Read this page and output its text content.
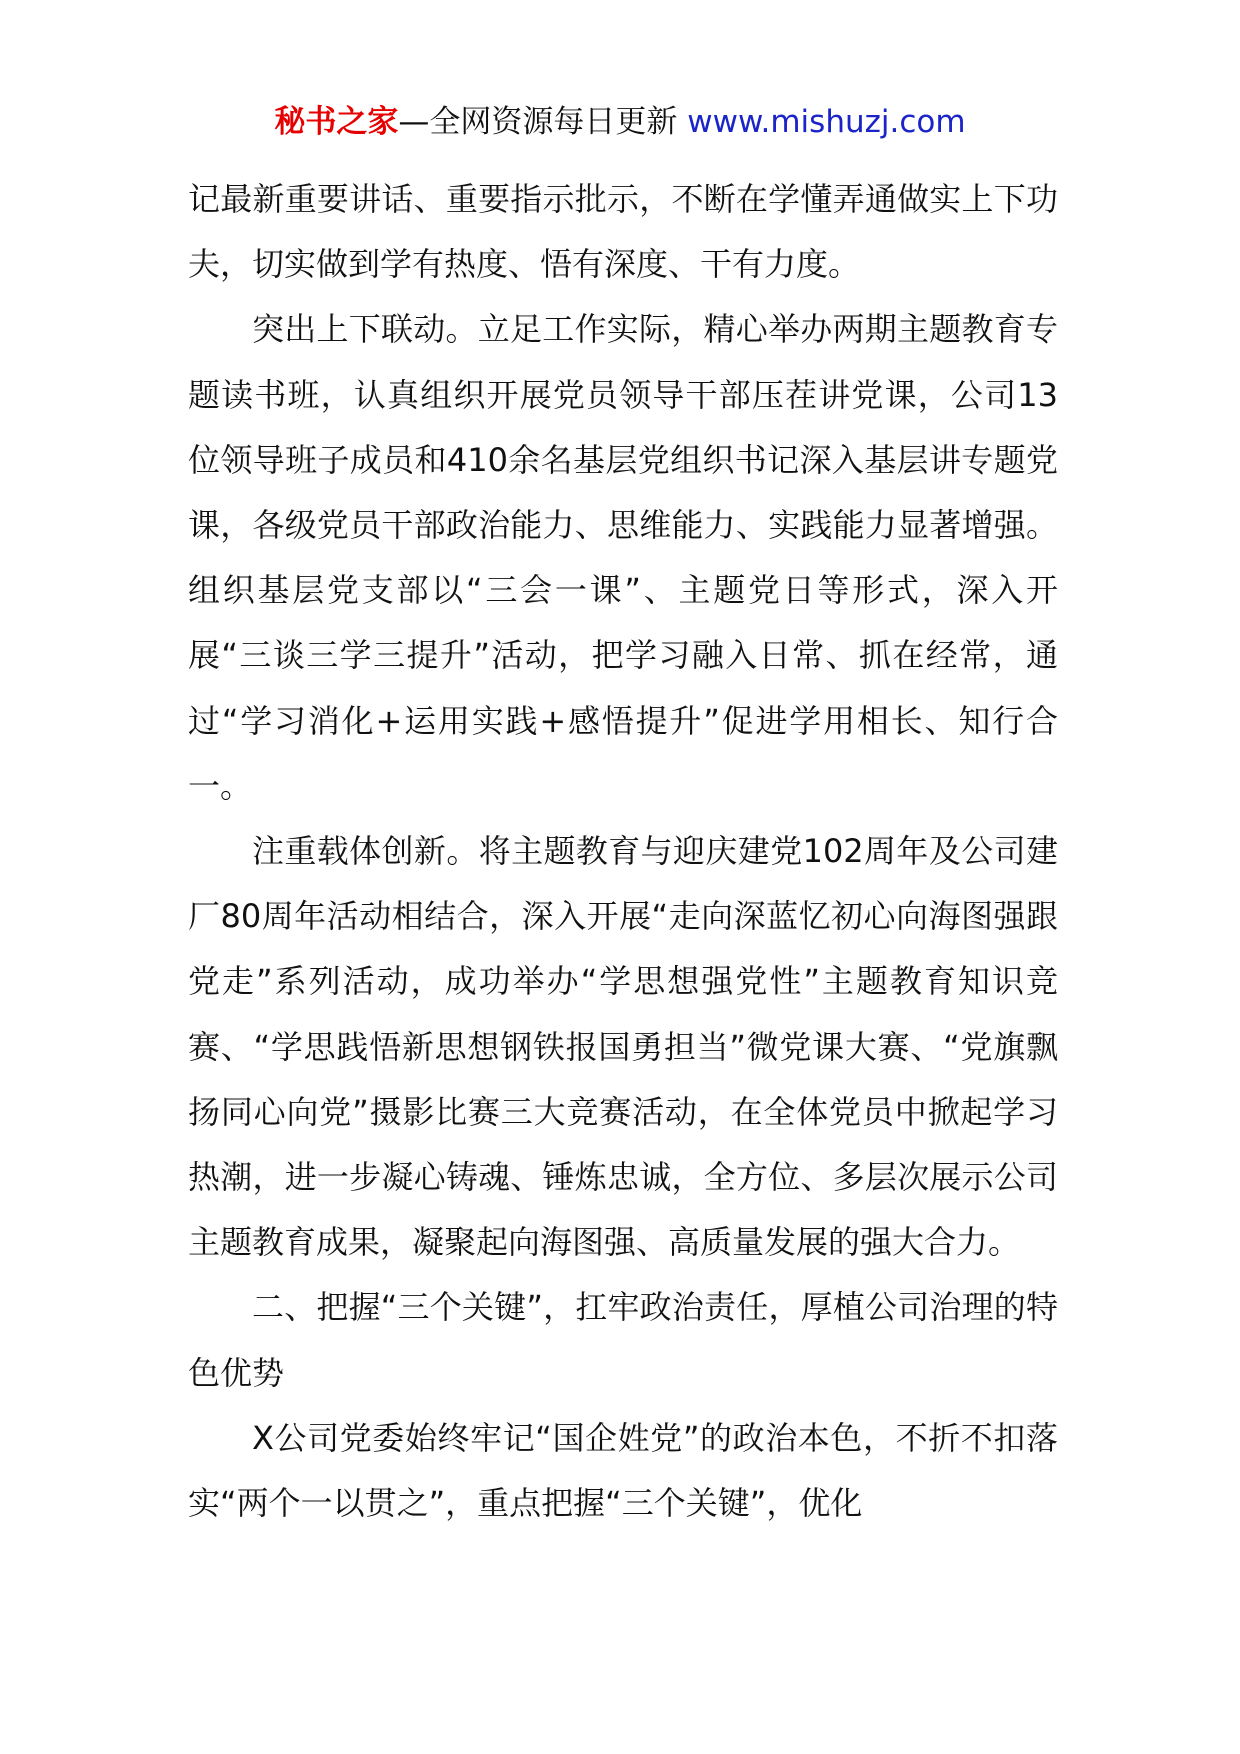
秘书之家—全网资源每日更新 www.mishuzj.com

记最新重要讲话、重要指示批示，不断在学懂弄通做实上下功夫，切实做到学有热度、悟有深度、干有力度。

突出上下联动。立足工作实际，精心举办两期主题教育专题读书班，认真组织开展党员领导干部压茬讲党课，公司13位领导班子成员和410余名基层党组织书记深入基层讲专题党课，各级党员干部政治能力、思维能力、实践能力显著增强。组织基层党支部以“三会一课”、主题党日等形式，深入开展“三谈三学三提升”活动，把学习融入日常、抓在经常，通过“学习消化+运用实践+感悟提升”促进学用相长、知行合一。

注重载体创新。将主题教育与迎庆建党102周年及公司建厂80周年活动相结合，深入开展“走向深蓝忆初心向海图强跟党走”系列活动，成功举办“学思想强党性”主题教育知识竞赛、“学思践悟新思想钢铁报国勇担当”微党课大赛、“党旗飘扬同心向党”摄影比赛三大竞赛活动，在全体党员中掀起学习热潮，进一步凝心铸魂、锤炼忠诚，全方位、多层次展示公司主题教育成果，凝聚起向海图强、高质量发展的强大合力。

二、把握“三个关键”，扛牢政治责任，厚植公司治理的特色优势

X公司党委始终牢记“国企姓党”的政治本色，不折不扣落实“两个一以贯之”，重点把握“三个关键”，优化
